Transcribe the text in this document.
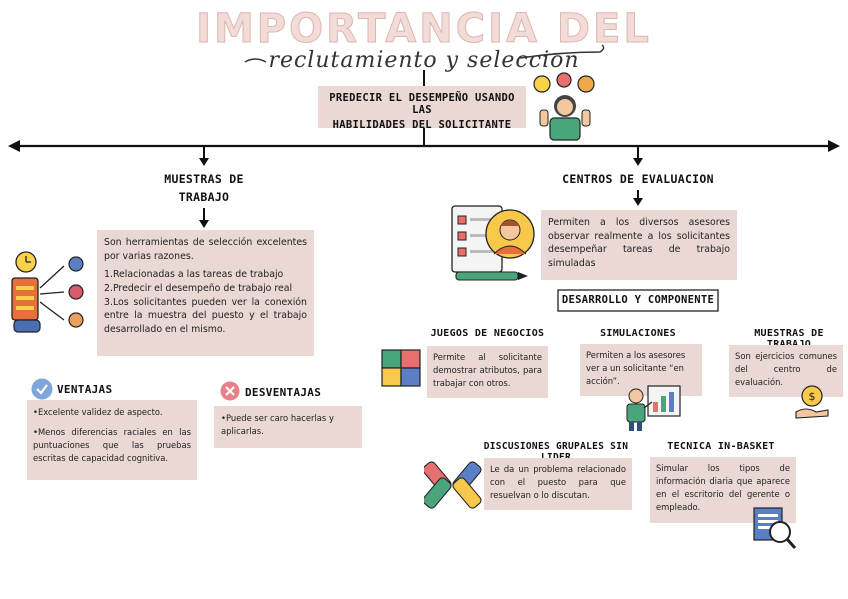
IMPORTANCIA DEL
reclutamiento y seleccion
PREDECIR EL DESEMPEÑO USANDO LAS
HABILIDADES DEL SOLICITANTE
MUESTRAS DE
TRABAJO
Son herramientas de selección excelentes por varias razones.
1.Relacionadas a las tareas de trabajo
2.Predecir el desempeño de trabajo real
3.Los solicitantes pueden ver la conexión entre la muestra del puesto y el trabajo desarrollado en el mismo.
VENTAJAS
•Excelente validez de aspecto.
•Menos diferencias raciales en las puntuaciones que las pruebas escritas de capacidad cognitiva.
DESVENTAJAS
•Puede ser caro hacerlas y aplicarlas.
CENTROS DE EVALUACION
Permiten a los diversos asesores observar realmente a los solicitantes desempeñar tareas de trabajo simuladas
DESARROLLO Y COMPONENTE
JUEGOS DE NEGOCIOS
Permite al solicitante demostrar atributos, para trabajar con otros.
SIMULACIONES
Permiten a los asesores ver a un solicitante “en acción”.
MUESTRAS DE
Son ejercicios comunes del centro de evaluación.
$
DISCUSIONES GRUPALES SIN
Le da un problema relacionado con el puesto para que resuelvan o lo discutan.
TECNICA IN-BASKET
Simular los tipos de información diaria que aparece en el escritorio del gerente o empleado.
